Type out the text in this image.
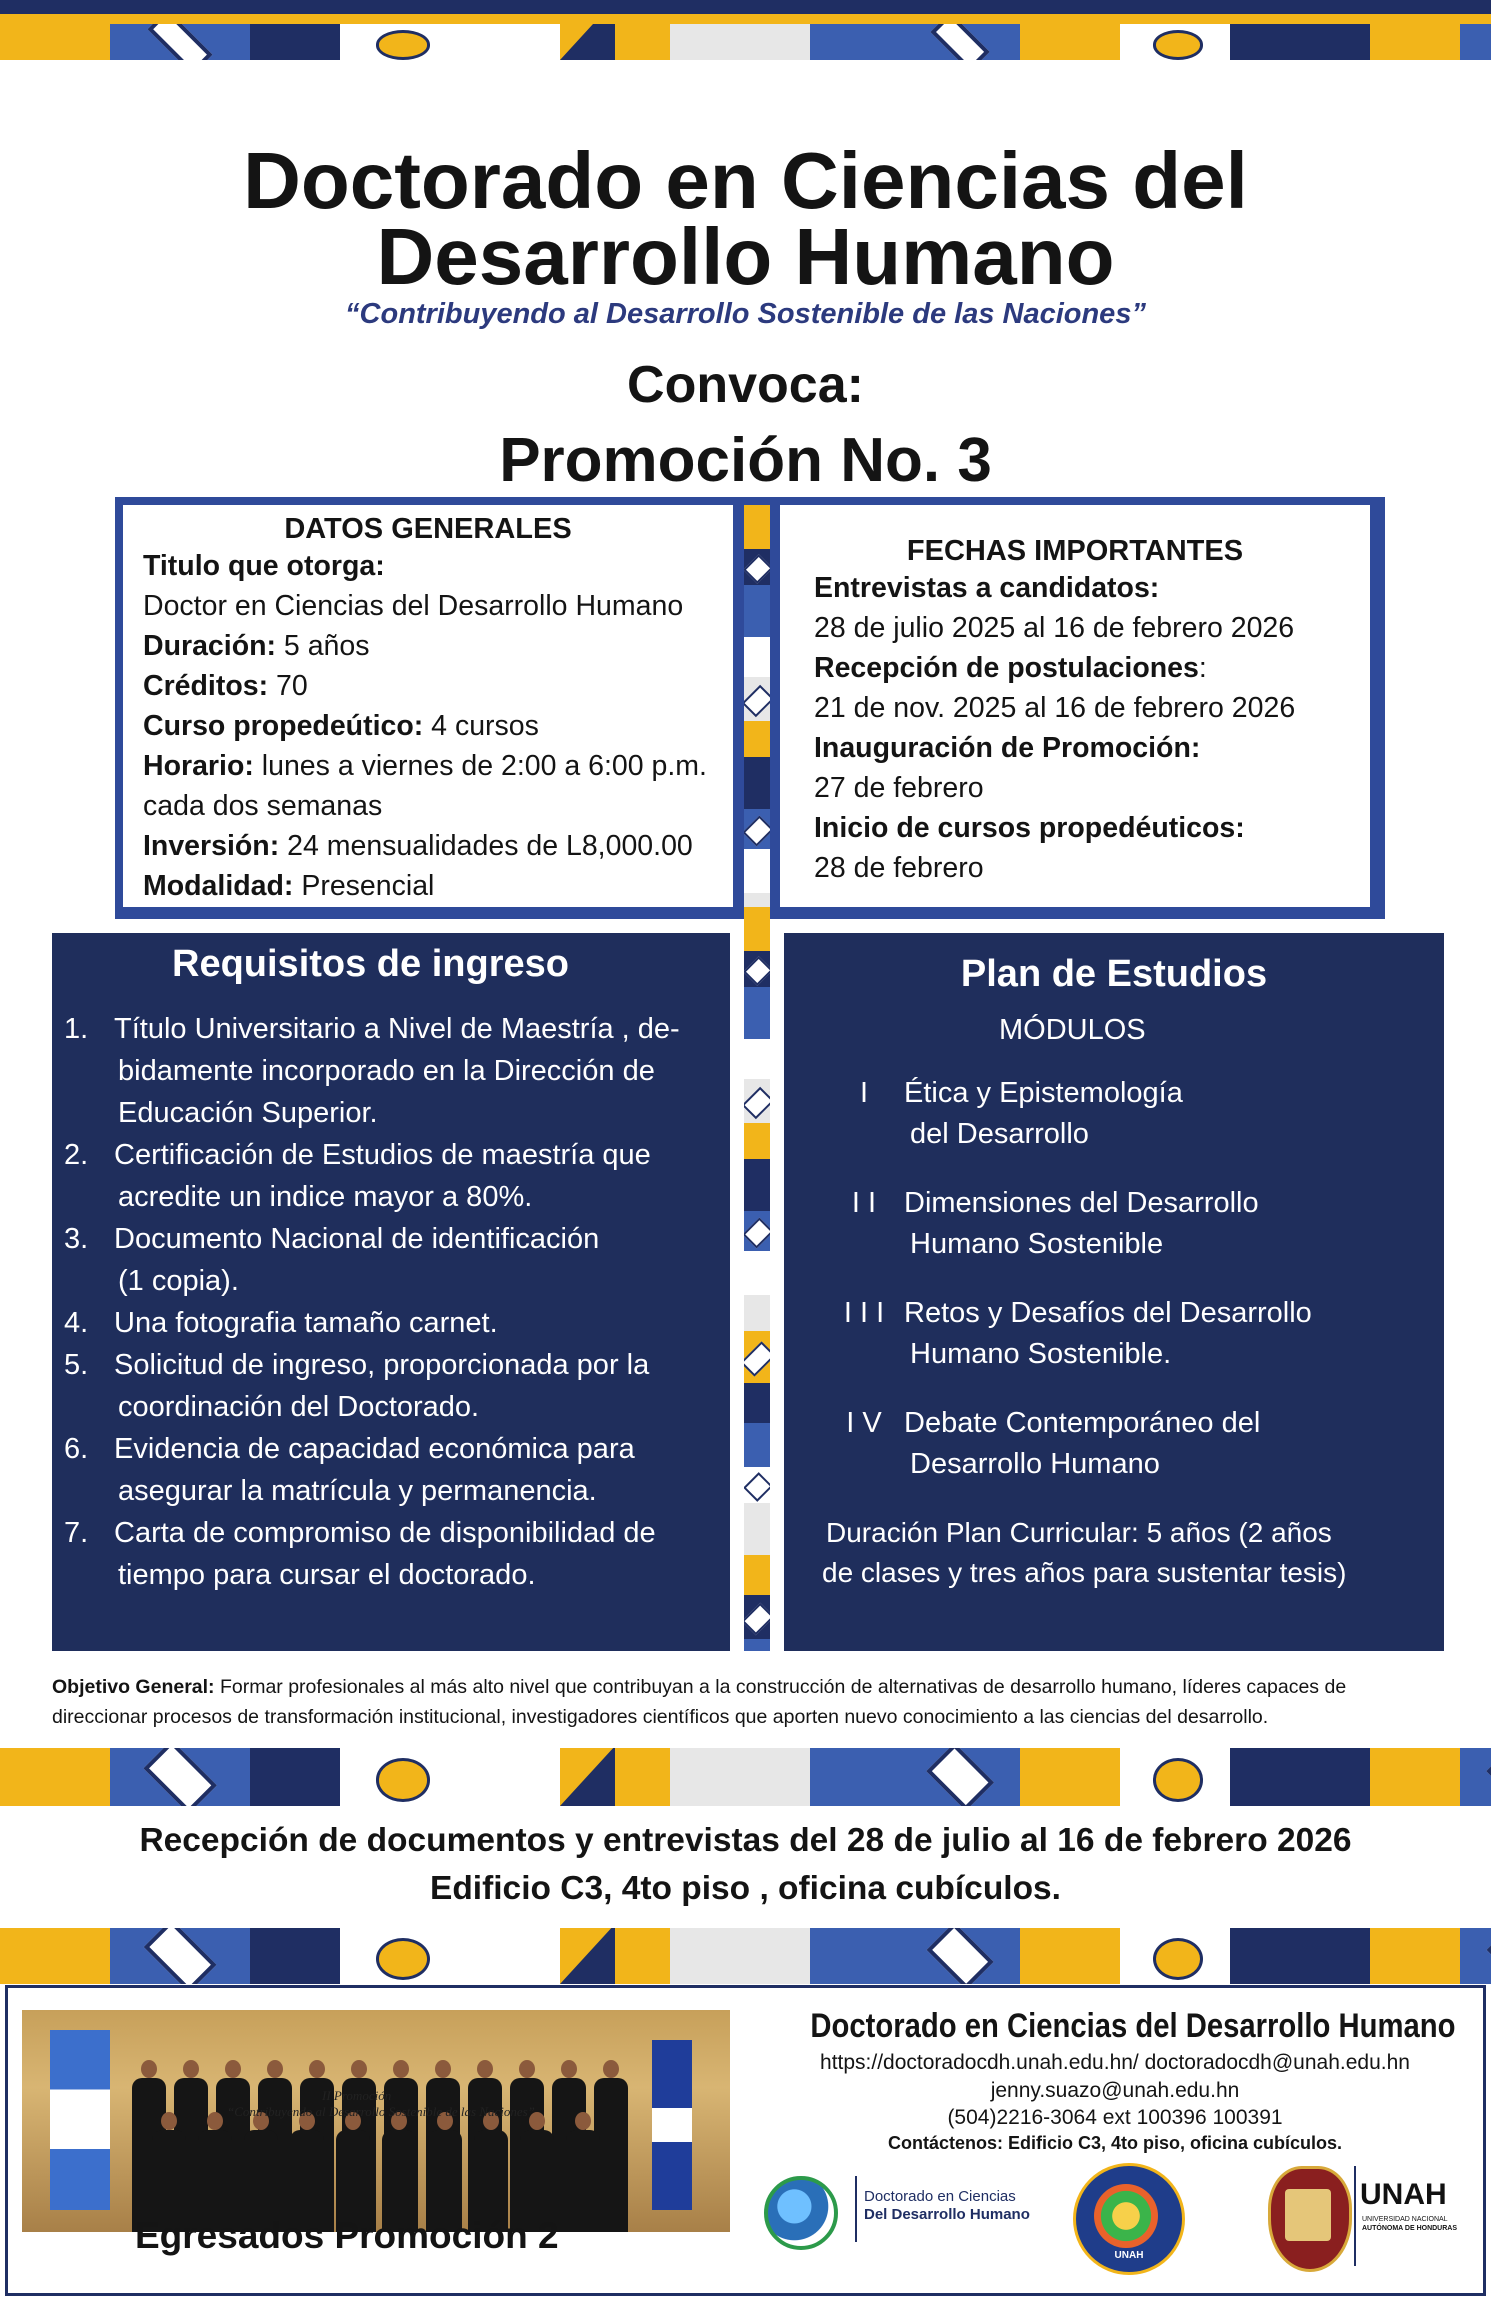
Doctorado en Ciencias del
Desarrollo Humano
“Contribuyendo al Desarrollo Sostenible de las Naciones”
Convoca:
Promoción No. 3
DATOS GENERALES
Titulo que otorga:
Doctor en Ciencias del Desarrollo Humano
Duración: 5 años
Créditos: 70
Curso propedeútico: 4 cursos
Horario: lunes a viernes de 2:00 a 6:00 p.m.
cada dos semanas
Inversión: 24 mensualidades de L8,000.00
Modalidad: Presencial
FECHAS IMPORTANTES
Entrevistas a candidatos:
28 de julio 2025 al 16 de febrero 2026
Recepción de postulaciones:
21 de nov. 2025 al 16 de febrero 2026
Inauguración de Promoción:
27 de febrero
Inicio de cursos propedéuticos:
28 de febrero
Requisitos de ingreso
1. Título Universitario a Nivel de Maestría , de-
bidamente incorporado en la Dirección de
Educación Superior.
2. Certificación de Estudios de maestría que
acredite un indice mayor a 80%.
3. Documento Nacional de identificación
(1 copia).
4. Una fotografia tamaño carnet.
5. Solicitud de ingreso, proporcionada por la
coordinación del Doctorado.
6. Evidencia de capacidad económica para
asegurar la matrícula y permanencia.
7. Carta de compromiso de disponibilidad de
tiempo para cursar el doctorado.
Plan de Estudios
MÓDULOS
I	Ética y Epistemología
del Desarrollo
I I Dimensiones del Desarrollo
Humano Sostenible
I I I Retos y Desafíos del Desarrollo
Humano Sostenible.
I V Debate Contemporáneo del
Desarrollo Humano
Duración Plan Curricular: 5 años (2 años
de clases y tres años para sustentar tesis)
Objetivo General: Formar profesionales al más alto nivel que contribuyan a la construcción de alternativas de desarrollo humano, líderes capaces de direccionar procesos de transformación institucional, investigadores científicos que aporten nuevo conocimiento a las ciencias del desarrollo.
Recepción de documentos y entrevistas del 28 de julio al 16 de febrero 2026
Edificio C3, 4to piso , oficina cubículos.
II Promoción
“Contribuyendo al Desarrollo Sostenible de las Naciones”
Egresados Promoción 2
Doctorado en Ciencias del Desarrollo Humano
https://doctoradocdh.unah.edu.hn/ doctoradocdh@unah.edu.hn
jenny.suazo@unah.edu.hn
(504)2216-3064 ext 100396 100391
Contáctenos: Edificio C3, 4to piso, oficina cubículos.
Doctorado en Ciencias
Del Desarrollo Humano
UNAH
UNAH
UNIVERSIDAD NACIONAL
AUTÓNOMA DE HONDURAS
